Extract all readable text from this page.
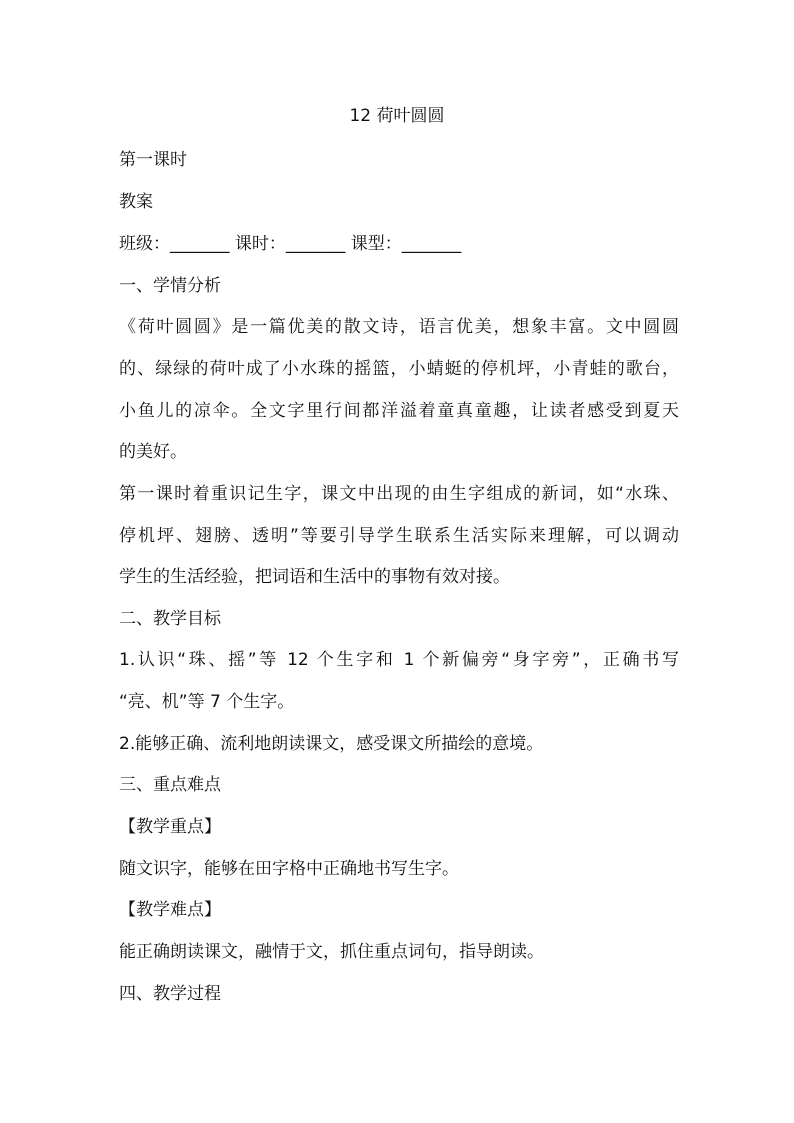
12 荷叶圆圆
第一课时
教案
班级：_______ 课时：_______ 课型：_______
一、学情分析
《荷叶圆圆》是一篇优美的散文诗，语言优美，想象丰富。文中圆圆
的、绿绿的荷叶成了小水珠的摇篮，小蜻蜓的停机坪，小青蛙的歌台，
小鱼儿的凉伞。全文字里行间都洋溢着童真童趣，让读者感受到夏天
的美好。
第一课时着重识记生字，课文中出现的由生字组成的新词，如“水珠、
停机坪、翅膀、透明”等要引导学生联系生活实际来理解，可以调动
学生的生活经验，把词语和生活中的事物有效对接。
二、教学目标
1.认识“珠、摇”等 12 个生字和 1 个新偏旁“身字旁”，正确书写
“亮、机”等 7 个生字。
2.能够正确、流利地朗读课文，感受课文所描绘的意境。
三、重点难点
【教学重点】
随文识字，能够在田字格中正确地书写生字。
【教学难点】
能正确朗读课文，融情于文，抓住重点词句，指导朗读。
四、教学过程
